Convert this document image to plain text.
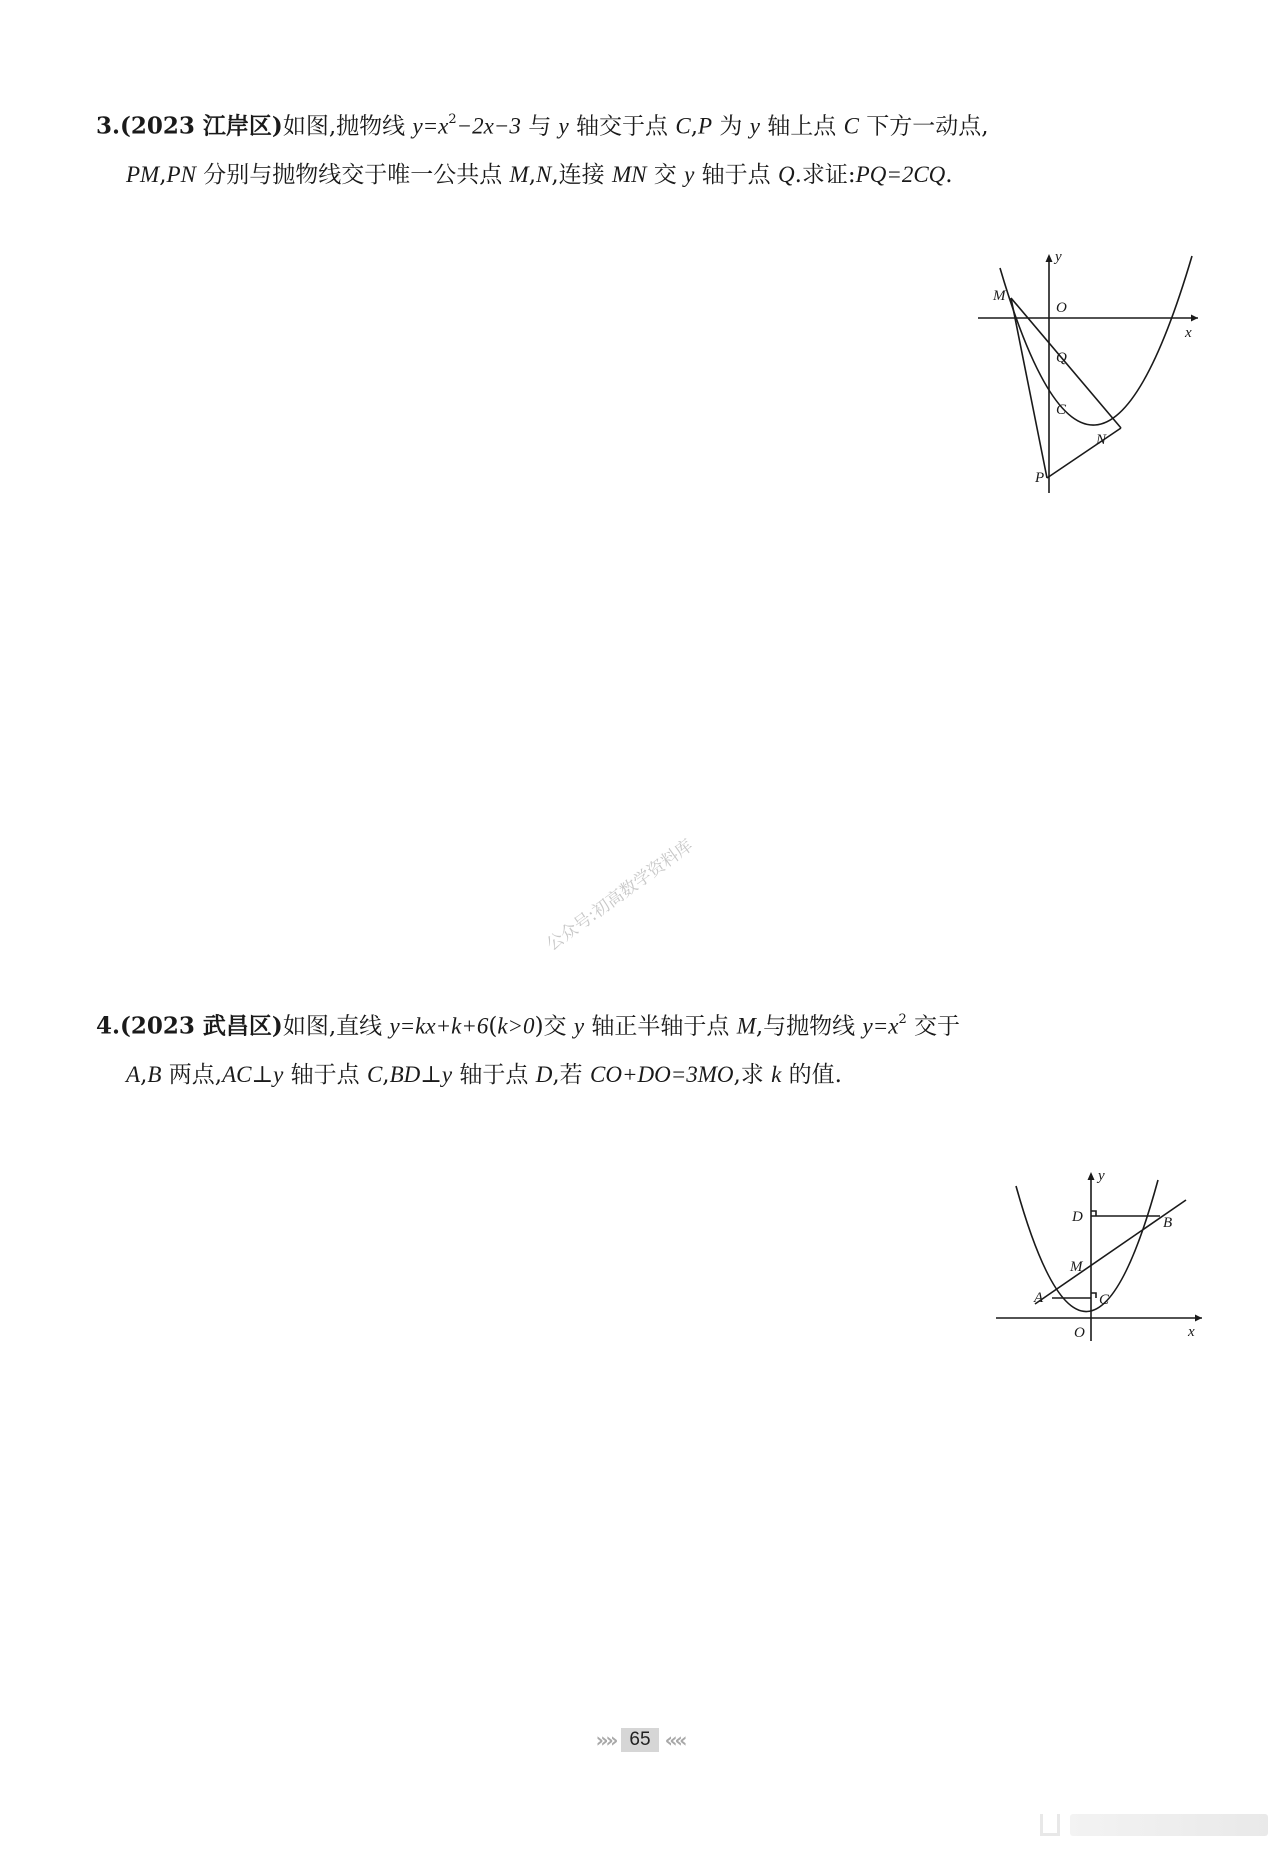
3.(2023 江岸区)如图,抛物线 $y=x^2-2x-3$ 与 y 轴交于点 C,P 为 y 轴上点 C 下方一动点,
PM,PN 分别与抛物线交于唯一公共点 M,N,连接 MN 交 y 轴于点 Q.求证:PQ=2CQ.
y
x
O
M
Q
C
N
P
公众号:初高数学资料库
4.(2023 武昌区)如图,直线 y=kx+k+6(k>0)交 y 轴正半轴于点 M,与抛物线 $y=x^2$ 交于
A,B 两点,AC⊥y 轴于点 C,BD⊥y 轴于点 D,若 CO+DO=3MO,求 k 的值.
y
x
O
D	B
M
A	C
»» 65 ««
